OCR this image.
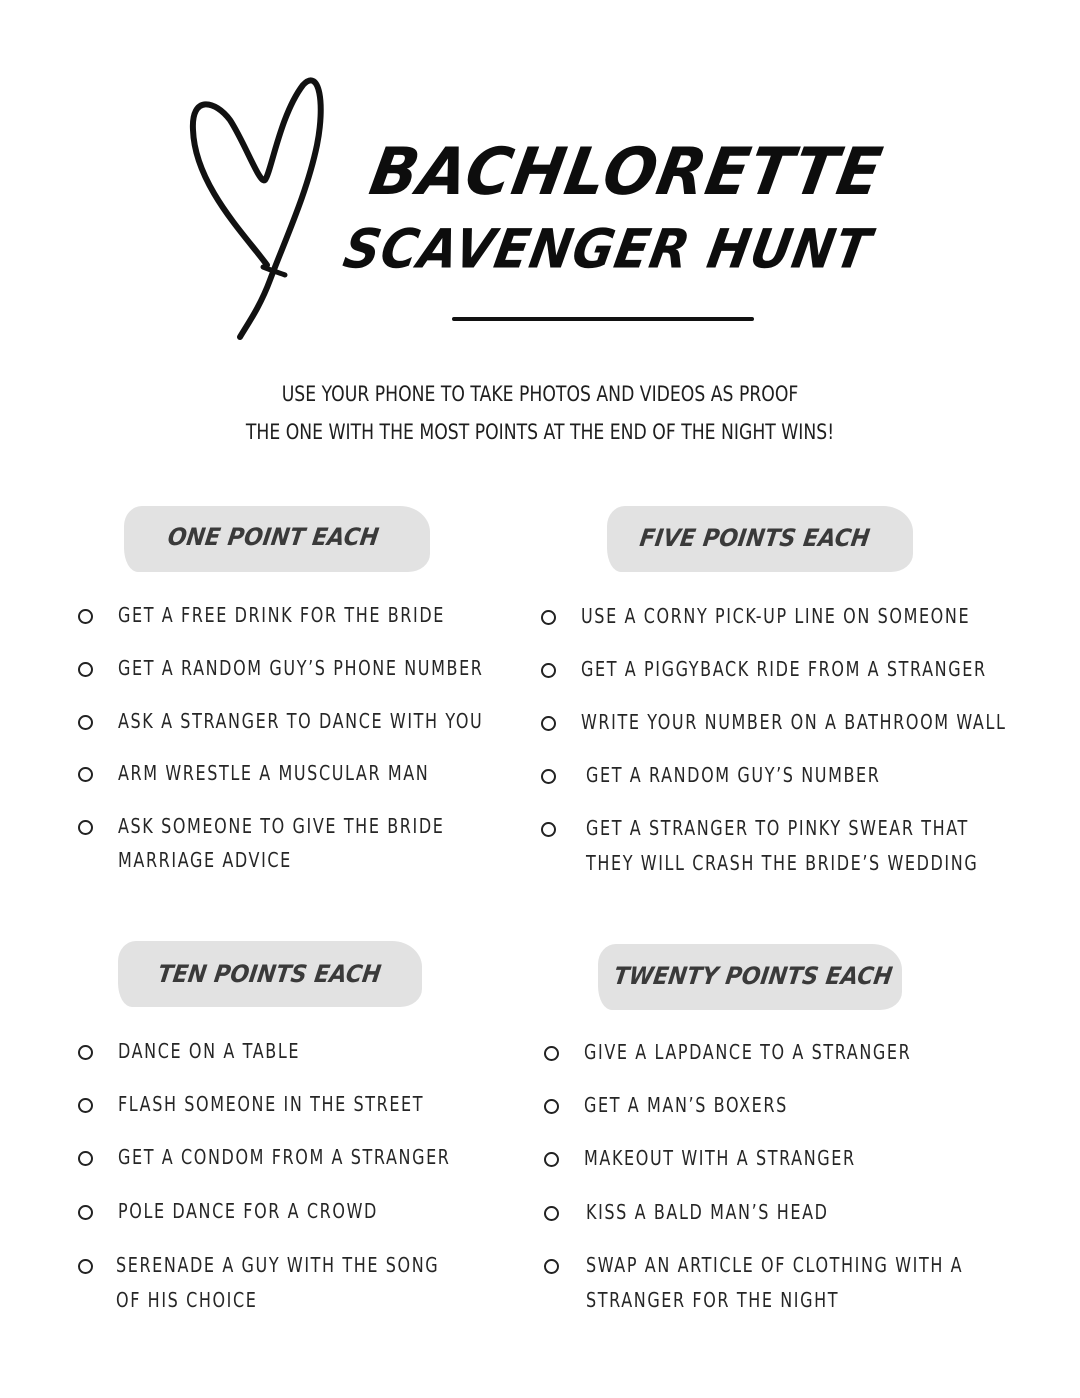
BACHLORETTE
SCAVENGER HUNT
USE YOUR PHONE TO TAKE PHOTOS AND VIDEOS AS PROOF
THE ONE WITH THE MOST POINTS AT THE END OF THE NIGHT WINS!
ONE POINT EACH
GET A FREE DRINK FOR THE BRIDE
GET A RANDOM GUY’S PHONE NUMBER
ASK A STRANGER TO DANCE WITH YOU
ARM WRESTLE A MUSCULAR MAN
ASK SOMEONE TO GIVE THE BRIDE
MARRIAGE ADVICE
FIVE POINTS EACH
USE A CORNY PICK-UP LINE ON SOMEONE
GET A PIGGYBACK RIDE FROM A STRANGER
WRITE YOUR NUMBER ON A BATHROOM WALL
GET A RANDOM GUY’S NUMBER
GET A STRANGER TO PINKY SWEAR THAT
THEY WILL CRASH THE BRIDE’S WEDDING
TEN POINTS EACH
DANCE ON A TABLE
FLASH SOMEONE IN THE STREET
GET A CONDOM FROM A STRANGER
POLE DANCE FOR A CROWD
SERENADE A GUY WITH THE SONG
OF HIS CHOICE
TWENTY POINTS EACH
GIVE A LAPDANCE TO A STRANGER
GET A MAN’S BOXERS
MAKEOUT WITH A STRANGER
KISS A BALD MAN’S HEAD
SWAP AN ARTICLE OF CLOTHING WITH A
STRANGER FOR THE NIGHT
